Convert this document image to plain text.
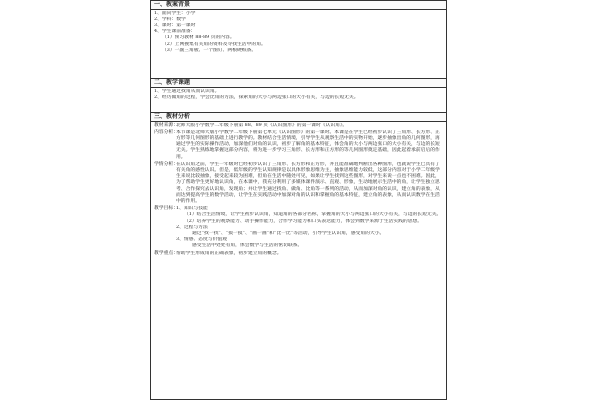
一、教案背景
1、面向学生：小学
2、学科：数学
3、课时：第一课时
4、学生课前准备：
（1）预习教材 88-89 页的内容。
（2）上网搜集有关角的资料及寻找生活中的角。
（3）一副三角板、一个图钉、两根硬纸条。
二、教学课题
1、学生通过找角从而认识角。
2、经历做角的过程，学会比角的方法，探索角的大小与两边张口的大小有关，与边的长短无关。
三、教材分析
教材来源：
北师大版小学数学二年级下册第 88、89 页《认识图形》的第一课时《认识角》。
内容分析：
本节课是北师大版小学数学二年级下册第七单元《认识图形》的第一课时。本课是在学生已经初步认识了三角形、长方形、正方形等几何图形的基础上进行教学的。教材结合生活情境，引导学生从观察生活中的实物开始，逐步抽象出角的几何图形，再通过学生的实际操作活动，加深他们对角的认识，初步了解角的基本特征，体会角的大小与两边张口的大小有关，与边的长短无关。学生熟练地掌握这部分内容，将为进一步学习三角形、长方形和正方形的等几何图形奠定基础，因此起着承前启后的作用。
学情分析：
在认识角之前，学生一年级时已经初步认识了三角形、长方形和正方形，并且能准确地判断出各种图形，也就说学生已具有了有关角的感性认识。但是，低年级的学生认知规律是以具体形象思维为主，抽象思维能力较低，这部分内容对于小学二年级学生来说比较抽象，接受起来较为困难，但角在生活中随处可见，如果让学生找到这些图形，对学生来说一点也不困难。因此，为了帮助学生更好地认识角，在本课中，我充分利用了多媒体课件演示、直观、形象，生动地展示生活中的角，让学生独立思考、合作探究去认识角，发现角；并让学生通过找角、做角、比角等一系列的活动，从而加深对角的认识，建立角的表象，从而达到提高学生的数学活动，让学生在实践活动中加深对角的认识和掌握角的基本特征，建立角的表象，从而认识数学在生活中的作用。
教学目标：
1、知识与技能
（1）结合生活情境，让学生初步认识角，知道角的各部分名称，掌握角的大小与两边张口的大小有关，与边的长短无关。
（2）培养学生的观察能力、动手操作能力，合作学习能力和口头表达能力，体会到数学来源于生活实践的思想。
2、过程与方法
通过“找一找”、“摸一摸”、“画一画”和“比一比”等活动，引导学生认识角，感受角的大小。
3、情感、态度与价值观
感受生活中处处有角，体会数学与生活的密切联系。
教学重点：
帮助学生形成角的正确表象，初步建立角的概念。
